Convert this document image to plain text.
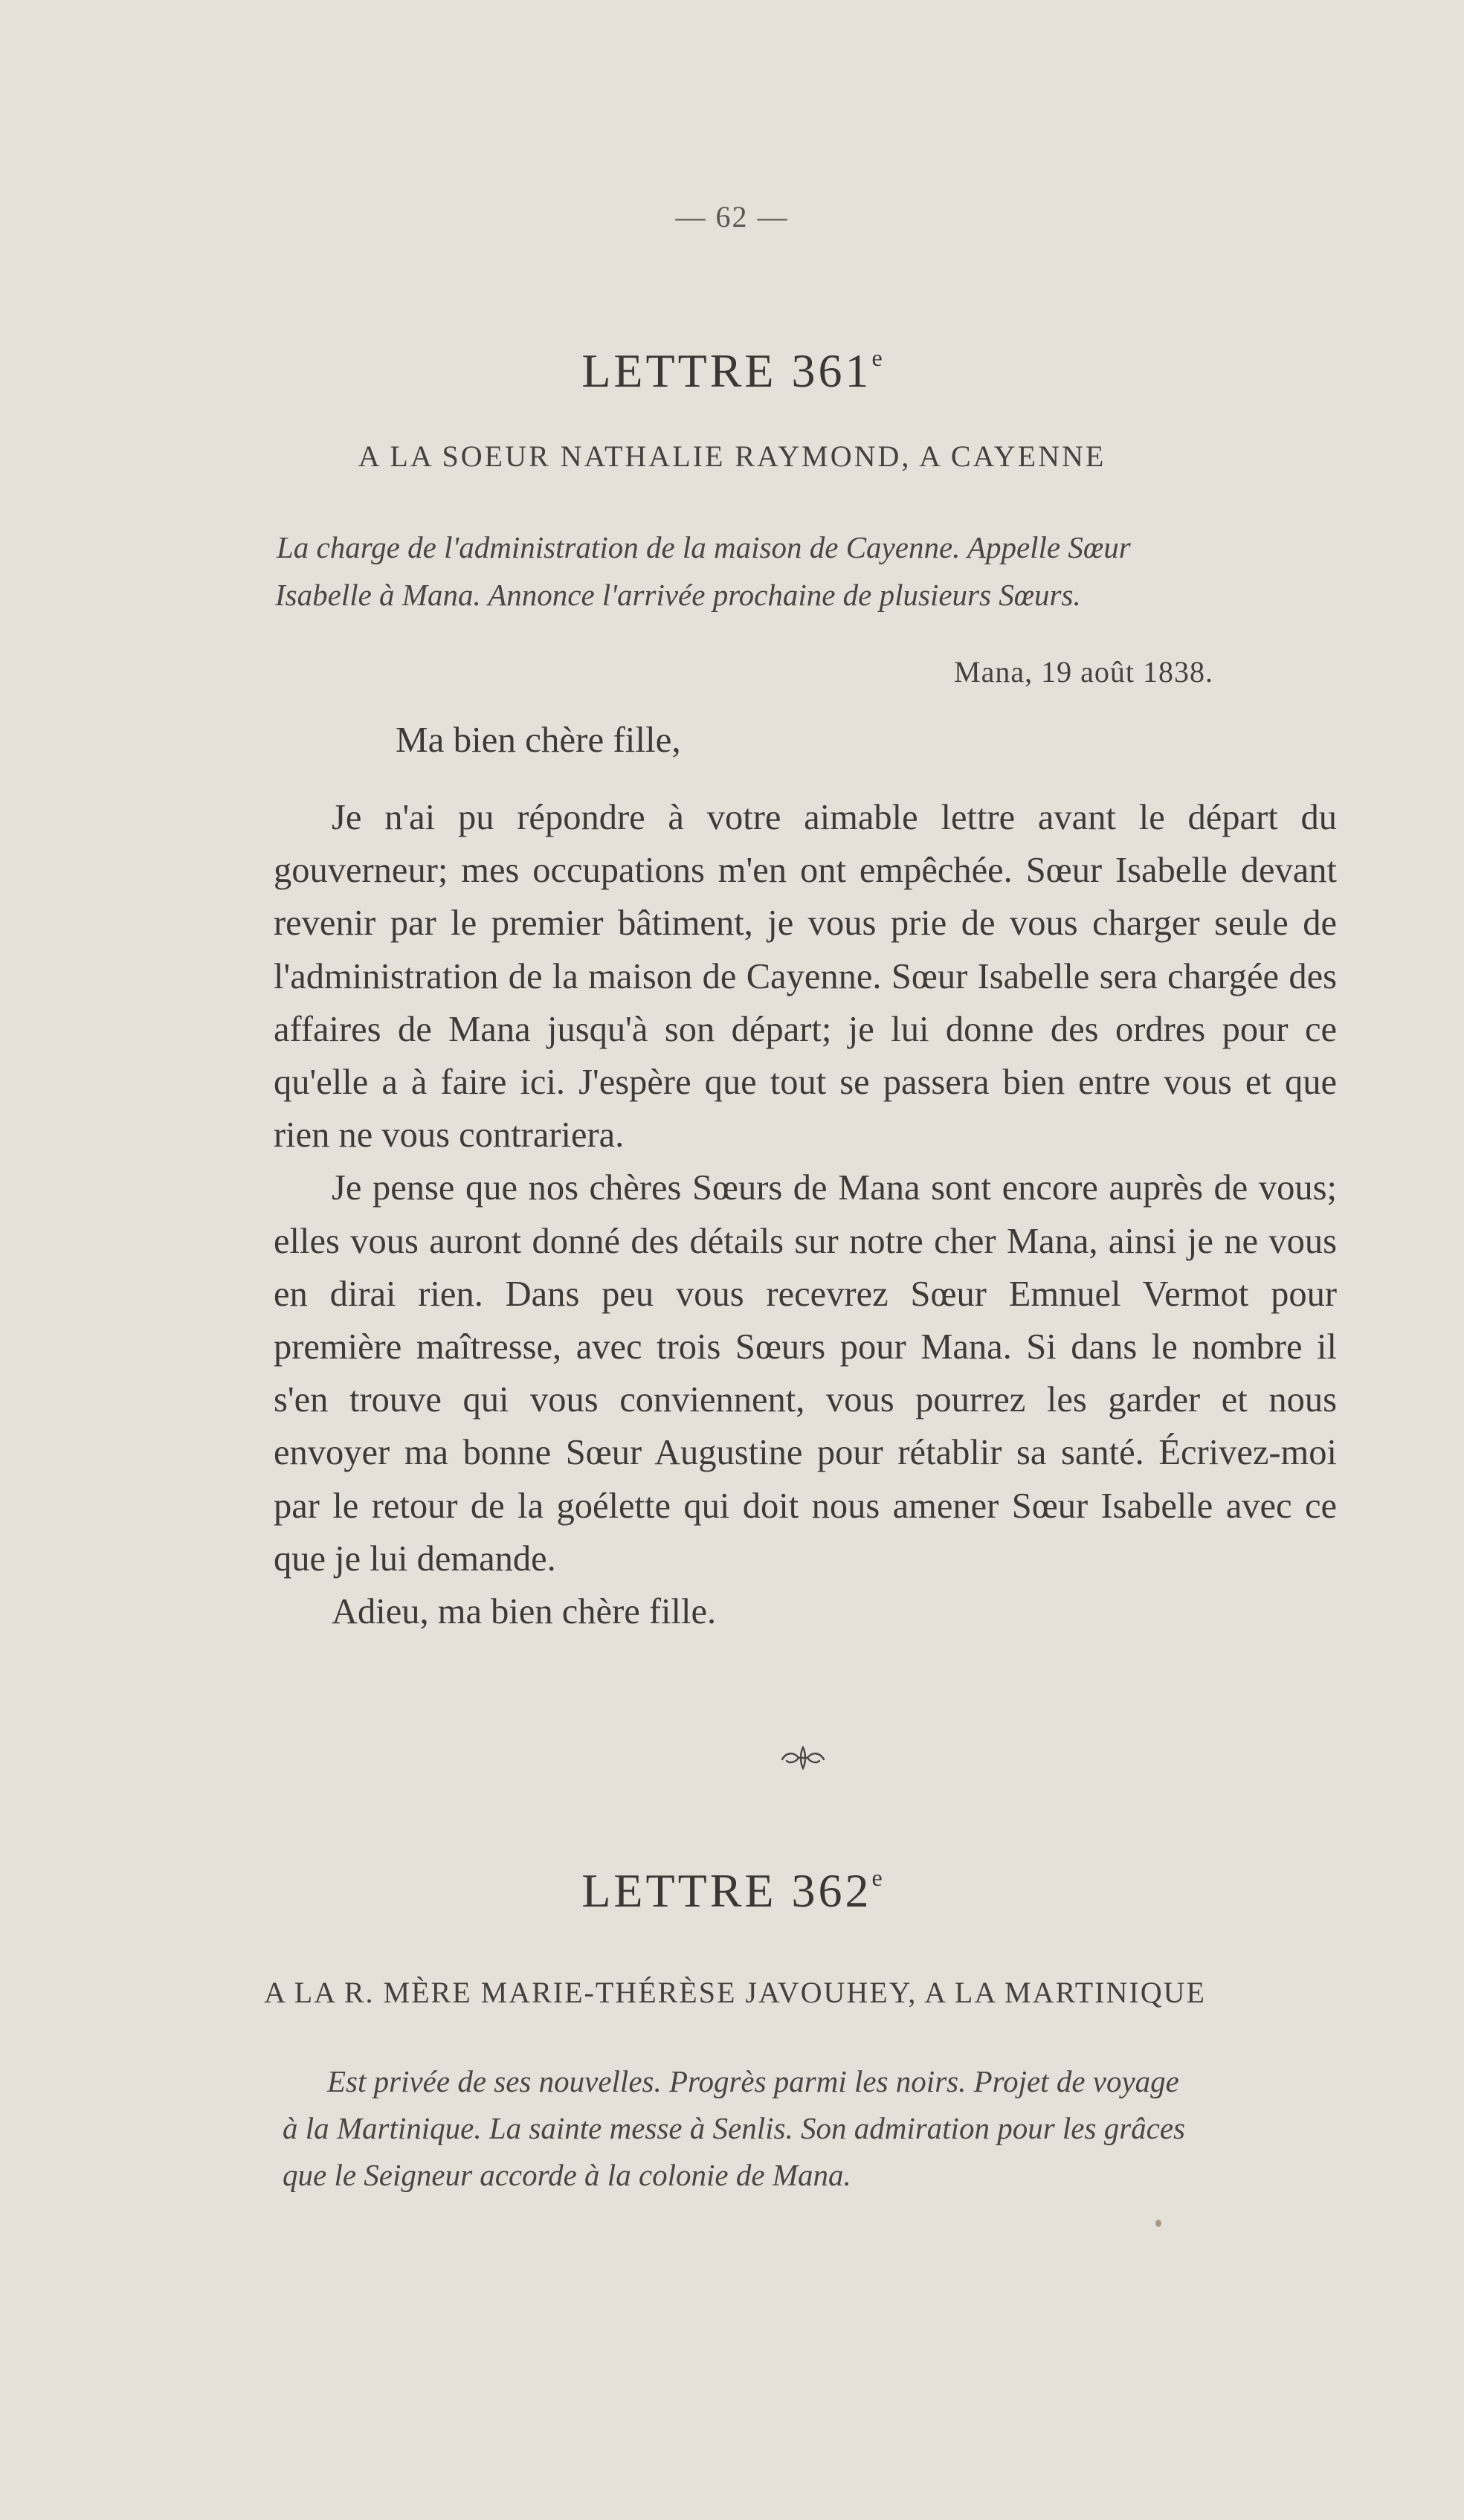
— 62 —
LETTRE 361e
A LA SOEUR NATHALIE RAYMOND, A CAYENNE
La charge de l'administration de la maison de Cayenne. Appelle Sœur
Isabelle à Mana. Annonce l'arrivée prochaine de plusieurs Sœurs.
Mana, 19 août 1838.
Ma bien chère fille,

Je n'ai pu répondre à votre aimable lettre avant le départ du gouverneur; mes occupations m'en ont empêchée. Sœur Isabelle devant revenir par le premier bâtiment, je vous prie de vous charger seule de l'administration de la maison de Cayenne. Sœur Isabelle sera chargée des affaires de Mana jusqu'à son départ; je lui donne des ordres pour ce qu'elle a à faire ici. J'espère que tout se passera bien entre vous et que rien ne vous contrariera.

Je pense que nos chères Sœurs de Mana sont encore auprès de vous; elles vous auront donné des détails sur notre cher Mana, ainsi je ne vous en dirai rien. Dans peu vous recevrez Sœur Emnuel Vermot pour première maîtresse, avec trois Sœurs pour Mana. Si dans le nombre il s'en trouve qui vous conviennent, vous pourrez les garder et nous envoyer ma bonne Sœur Augustine pour rétablir sa santé. Écrivez-moi par le retour de la goélette qui doit nous amener Sœur Isabelle avec ce que je lui demande.

Adieu, ma bien chère fille.

LETTRE 362e
A LA R. MÈRE MARIE-THÉRÈSE JAVOUHEY, A LA MARTINIQUE
Est privée de ses nouvelles. Progrès parmi les noirs. Projet de voyage
à la Martinique. La sainte messe à Senlis. Son admiration pour les grâces
que le Seigneur accorde à la colonie de Mana.
